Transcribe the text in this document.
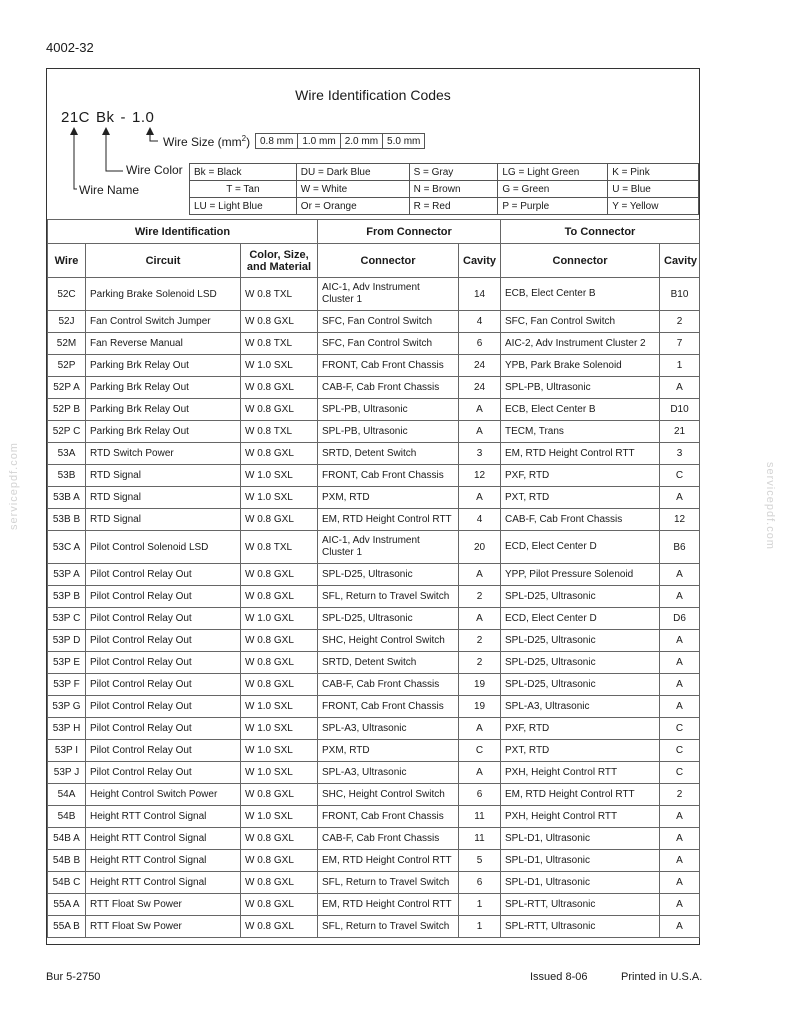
4002-32
Wire Identification Codes
21C Bk - 1.0
Wire Size $(mm^2)$ 0.8 mm	1.0 mm	2.0 mm	5.0 mm
Wire Color
Wire Name
Bk = Black	DU = Dark Blue	S = Gray	LG = Light Green	K = Pink
T = Tan	W = White	N = Brown	G = Green	U = Blue
LU = Light Blue	Or = Orange	R = Red	P = Purple	Y = Yellow
Wire Identification			From Connector		To Connector	
Wire	Circuit	Color, Size, and Material	Connector	Cavity	Connector	Cavity
52C	Parking Brake Solenoid LSD	W 0.8 TXL	AIC-1, Adv Instrument Cluster 1	14	ECB, Elect Center B	B10
52J	Fan Control Switch Jumper	W 0.8 GXL	SFC, Fan Control Switch	4	SFC, Fan Control Switch	2
52M	Fan Reverse Manual	W 0.8 TXL	SFC, Fan Control Switch	6	AIC-2, Adv Instrument Cluster 2	7
52P	Parking Brk Relay Out	W 1.0 SXL	FRONT, Cab Front Chassis	24	YPB, Park Brake Solenoid	1
52P A	Parking Brk Relay Out	W 0.8 GXL	CAB-F, Cab Front Chassis	24	SPL-PB, Ultrasonic	A
52P B	Parking Brk Relay Out	W 0.8 GXL	SPL-PB, Ultrasonic	A	ECB, Elect Center B	D10
52P C	Parking Brk Relay Out	W 0.8 TXL	SPL-PB, Ultrasonic	A	TECM, Trans	21
53A	RTD Switch Power	W 0.8 GXL	SRTD, Detent Switch	3	EM, RTD Height Control RTT	3
53B	RTD Signal	W 1.0 SXL	FRONT, Cab Front Chassis	12	PXF, RTD	C
53B A	RTD Signal	W 1.0 SXL	PXM, RTD	A	PXT, RTD	A
53B B	RTD Signal	W 0.8 GXL	EM, RTD Height Control RTT	4	CAB-F, Cab Front Chassis	12
53C A	Pilot Control Solenoid LSD	W 0.8 TXL	AIC-1, Adv Instrument Cluster 1	20	ECD, Elect Center D	B6
53P A	Pilot Control Relay Out	W 0.8 GXL	SPL-D25, Ultrasonic	A	YPP, Pilot Pressure Solenoid	A
53P B	Pilot Control Relay Out	W 0.8 GXL	SFL, Return to Travel Switch	2	SPL-D25, Ultrasonic	A
53P C	Pilot Control Relay Out	W 1.0 GXL	SPL-D25, Ultrasonic	A	ECD, Elect Center D	D6
53P D	Pilot Control Relay Out	W 0.8 GXL	SHC, Height Control Switch	2	SPL-D25, Ultrasonic	A
53P E	Pilot Control Relay Out	W 0.8 GXL	SRTD, Detent Switch	2	SPL-D25, Ultrasonic	A
53P F	Pilot Control Relay Out	W 0.8 GXL	CAB-F, Cab Front Chassis	19	SPL-D25, Ultrasonic	A
53P G	Pilot Control Relay Out	W 1.0 SXL	FRONT, Cab Front Chassis	19	SPL-A3, Ultrasonic	A
53P H	Pilot Control Relay Out	W 1.0 SXL	SPL-A3, Ultrasonic	A	PXF, RTD	C
53P I	Pilot Control Relay Out	W 1.0 SXL	PXM, RTD	C	PXT, RTD	C
53P J	Pilot Control Relay Out	W 1.0 SXL	SPL-A3, Ultrasonic	A	PXH, Height Control RTT	C
54A	Height Control Switch Power	W 0.8 GXL	SHC, Height Control Switch	6	EM, RTD Height Control RTT	2
54B	Height RTT Control Signal	W 1.0 SXL	FRONT, Cab Front Chassis	11	PXH, Height Control RTT	A
54B A	Height RTT Control Signal	W 0.8 GXL	CAB-F, Cab Front Chassis	11	SPL-D1, Ultrasonic	A
54B B	Height RTT Control Signal	W 0.8 GXL	EM, RTD Height Control RTT	5	SPL-D1, Ultrasonic	A
54B C	Height RTT Control Signal	W 0.8 GXL	SFL, Return to Travel Switch	6	SPL-D1, Ultrasonic	A
55A A	RTT Float Sw Power	W 0.8 GXL	EM, RTD Height Control RTT	1	SPL-RTT, Ultrasonic	A
55A B	RTT Float Sw Power	W 0.8 GXL	SFL, Return to Travel Switch	1	SPL-RTT, Ultrasonic	A
Bur 5-2750	Issued 8-06	Printed in U.S.A.
servicepdf.com	servicepdf.com
